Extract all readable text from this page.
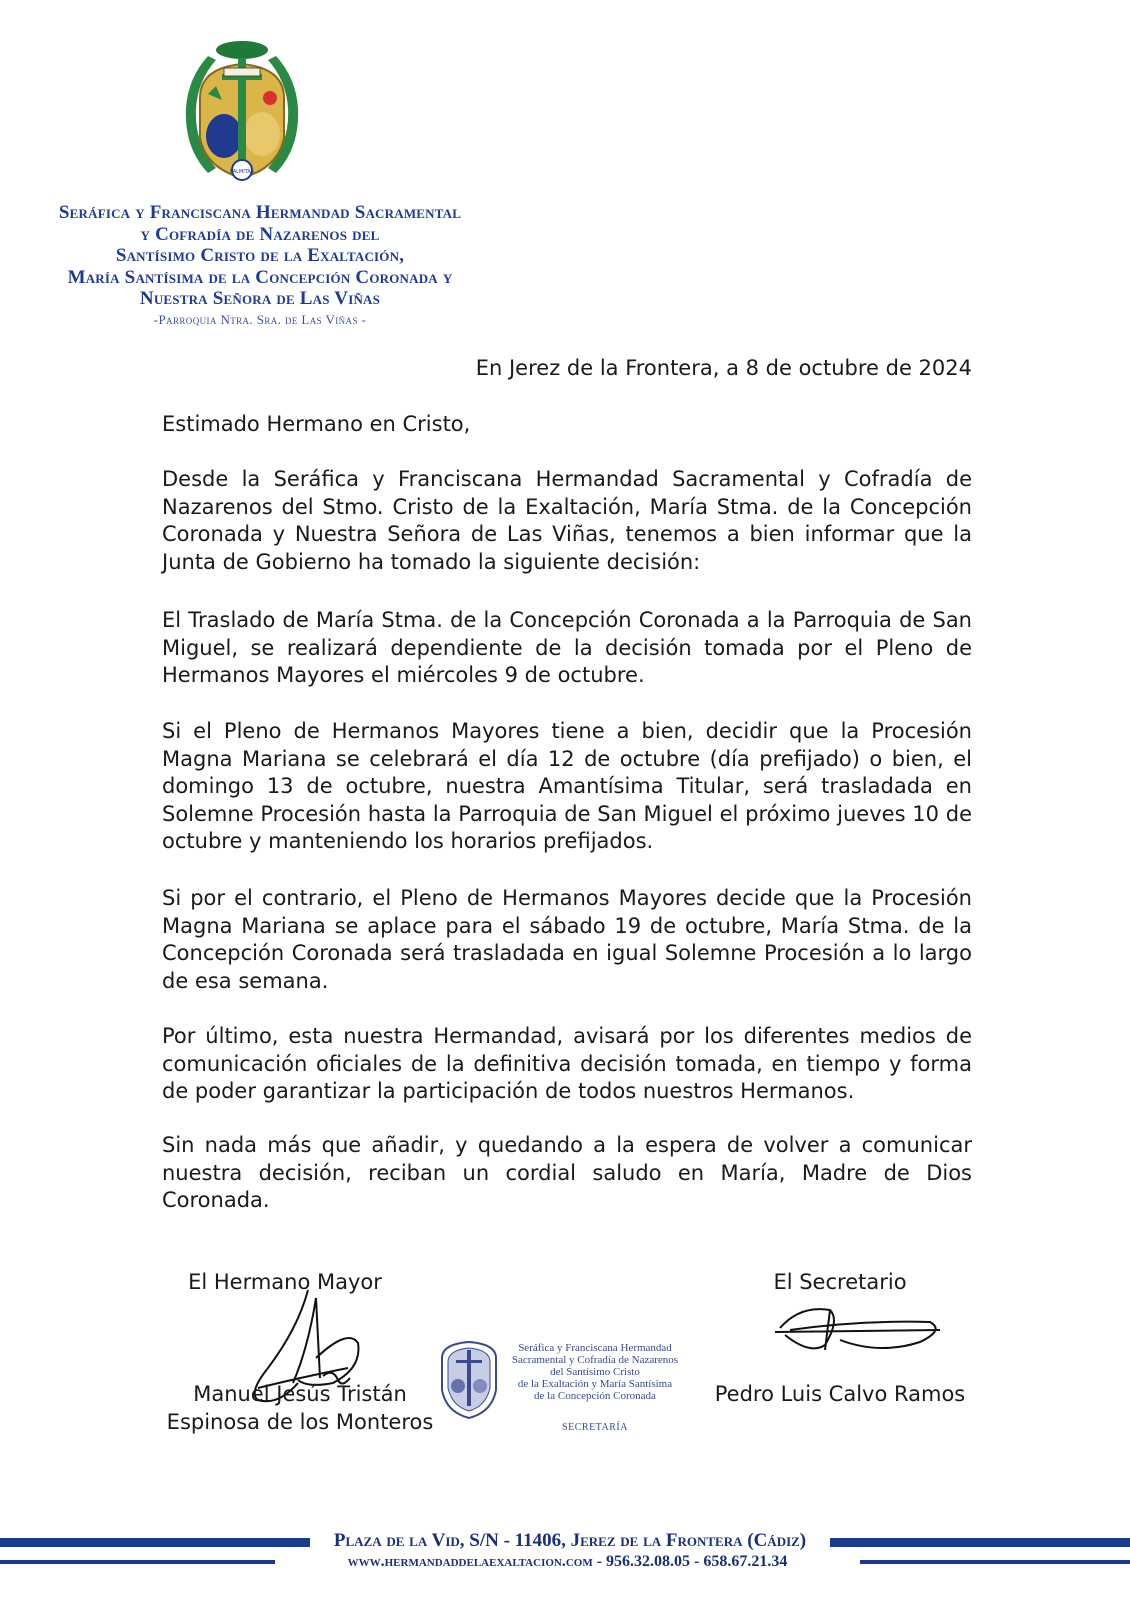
PALMITAS
Seráfica y Franciscana Hermandad Sacramental
y Cofradía de Nazarenos del
Santísimo Cristo de la Exaltación,
María Santísima de la Concepción Coronada y
Nuestra Señora de Las Viñas
-Parroquia Ntra. Sra. de Las Viñas -
En Jerez de la Frontera, a 8 de octubre de 2024
Estimado Hermano en Cristo,
Desde la Seráfica y Franciscana Hermandad Sacramental y Cofradía de Nazarenos del Stmo. Cristo de la Exaltación, María Stma. de la Concepción Coronada y Nuestra Señora de Las Viñas, tenemos a bien informar que la Junta de Gobierno ha tomado la siguiente decisión:
El Traslado de María Stma. de la Concepción Coronada a la Parroquia de San Miguel, se realizará dependiente de la decisión tomada por el Pleno de Hermanos Mayores el miércoles 9 de octubre.
Si el Pleno de Hermanos Mayores tiene a bien, decidir que la Procesión Magna Mariana se celebrará el día 12 de octubre (día prefijado) o bien, el domingo 13 de octubre, nuestra Amantísima Titular, será trasladada en Solemne Procesión hasta la Parroquia de San Miguel el próximo jueves 10 de octubre y manteniendo los horarios prefijados.
Si por el contrario, el Pleno de Hermanos Mayores decide que la Procesión Magna Mariana se aplace para el sábado 19 de octubre, María Stma. de la Concepción Coronada será trasladada en igual Solemne Procesión a lo largo de esa semana.
Por último, esta nuestra Hermandad, avisará por los diferentes medios de comunicación oficiales de la definitiva decisión tomada, en tiempo y forma de poder garantizar la participación de todos nuestros Hermanos.
Sin nada más que añadir, y quedando a la espera de volver a comunicar nuestra decisión, reciban un cordial saludo en María, Madre de Dios Coronada.
El Hermano Mayor
Manuel Jesús Tristán
Espinosa de los Monteros
El Secretario
Pedro Luis Calvo Ramos
Seráfica y Franciscana Hermandad
Sacramental y Cofradía de Nazarenos
del Santísimo Cristo
de la Exaltación y María Santísima
de la Concepción Coronada
SECRETARÍA
Plaza de la Vid, S/N - 11406, Jerez de la Frontera (Cádiz)
www.hermandaddelaexaltacion.com - 956.32.08.05 - 658.67.21.34
